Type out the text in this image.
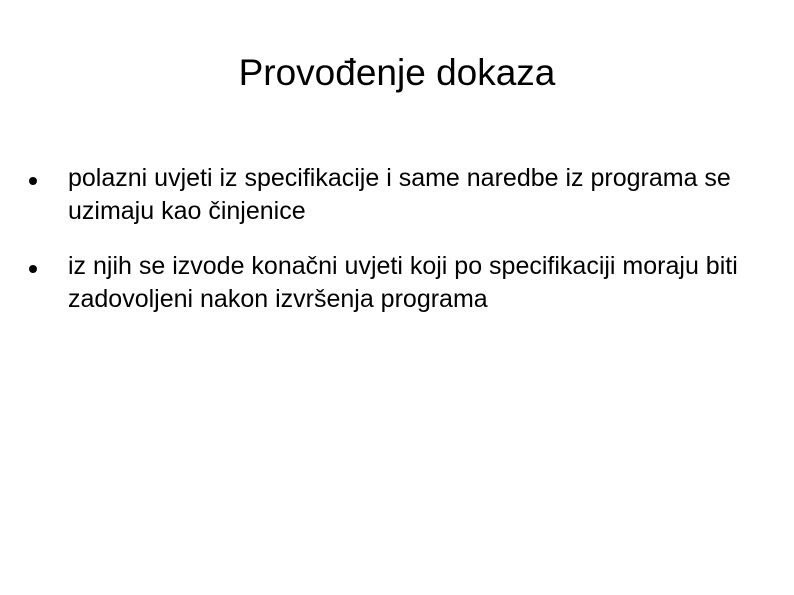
Provođenje dokaza
polazni uvjeti iz specifikacije i same naredbe iz programa se uzimaju kao činjenice
iz njih se izvode konačni uvjeti koji po specifikaciji moraju biti zadovoljeni nakon izvršenja programa
